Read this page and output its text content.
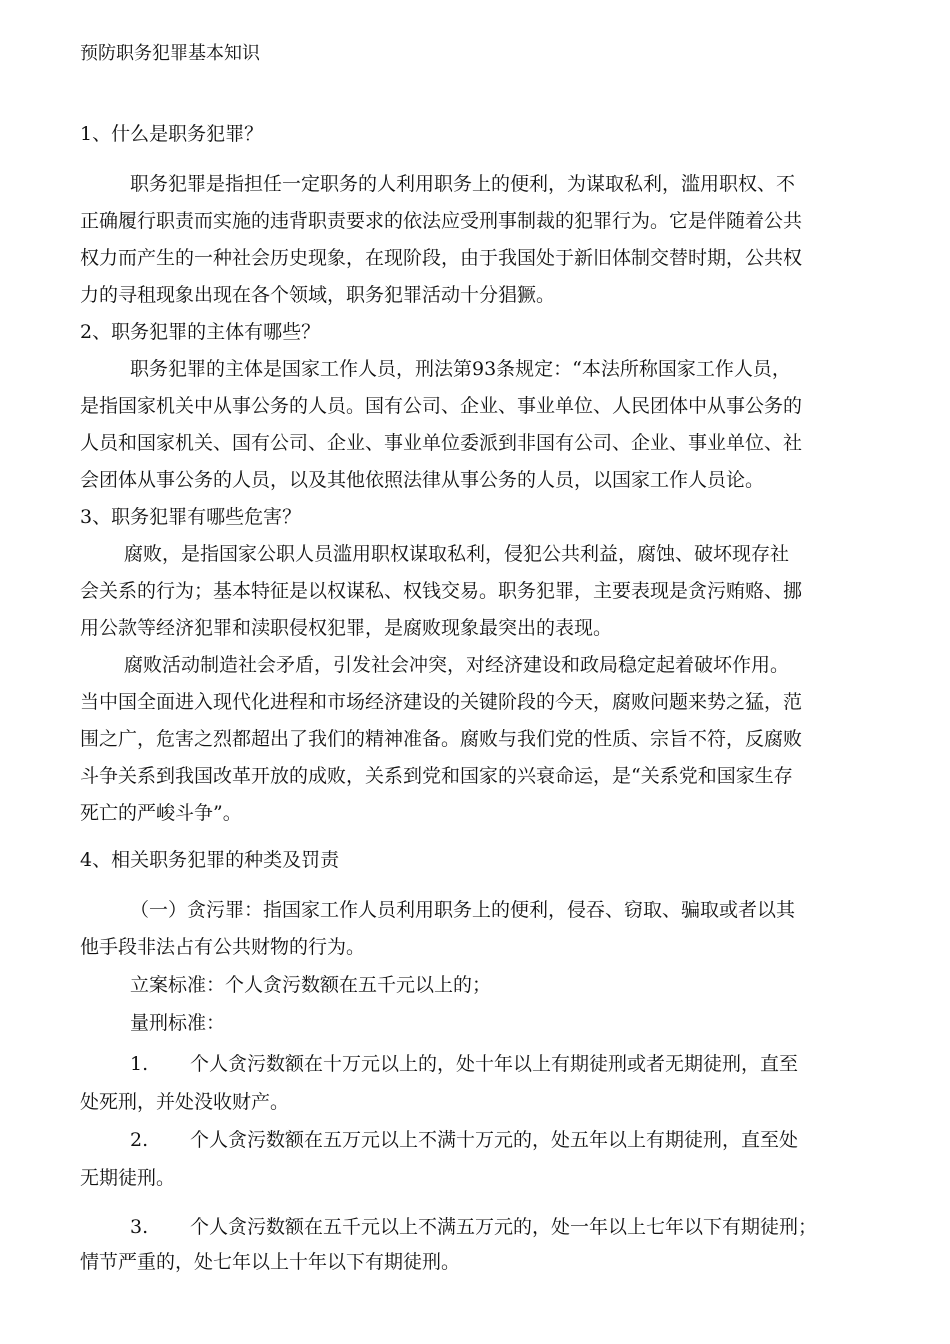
预防职务犯罪基本知识
1、什么是职务犯罪？
职务犯罪是指担任一定职务的人利用职务上的便利，为谋取私利，滥用职权、不
正确履行职责而实施的违背职责要求的依法应受刑事制裁的犯罪行为。它是伴随着公共
权力而产生的一种社会历史现象，在现阶段，由于我国处于新旧体制交替时期，公共权
力的寻租现象出现在各个领域，职务犯罪活动十分猖獗。
2、职务犯罪的主体有哪些？
职务犯罪的主体是国家工作人员，刑法第93条规定：“本法所称国家工作人员，
是指国家机关中从事公务的人员。国有公司、企业、事业单位、人民团体中从事公务的
人员和国家机关、国有公司、企业、事业单位委派到非国有公司、企业、事业单位、社
会团体从事公务的人员，以及其他依照法律从事公务的人员，以国家工作人员论。
3、职务犯罪有哪些危害？
腐败，是指国家公职人员滥用职权谋取私利，侵犯公共利益，腐蚀、破坏现存社
会关系的行为；基本特征是以权谋私、权钱交易。职务犯罪，主要表现是贪污贿赂、挪
用公款等经济犯罪和渎职侵权犯罪，是腐败现象最突出的表现。
腐败活动制造社会矛盾，引发社会冲突，对经济建设和政局稳定起着破坏作用。
当中国全面进入现代化进程和市场经济建设的关键阶段的今天，腐败问题来势之猛，范
围之广，危害之烈都超出了我们的精神准备。腐败与我们党的性质、宗旨不符，反腐败
斗争关系到我国改革开放的成败，关系到党和国家的兴衰命运，是“关系党和国家生存
死亡的严峻斗争”。
4、相关职务犯罪的种类及罚责
（一）贪污罪：指国家工作人员利用职务上的便利，侵吞、窃取、骗取或者以其
他手段非法占有公共财物的行为。
立案标准：个人贪污数额在五千元以上的；
量刑标准：
1. 个人贪污数额在十万元以上的，处十年以上有期徒刑或者无期徒刑，直至
处死刑，并处没收财产。
2. 个人贪污数额在五万元以上不满十万元的，处五年以上有期徒刑，直至处
无期徒刑。
3. 个人贪污数额在五千元以上不满五万元的，处一年以上七年以下有期徒刑；
情节严重的，处七年以上十年以下有期徒刑。
